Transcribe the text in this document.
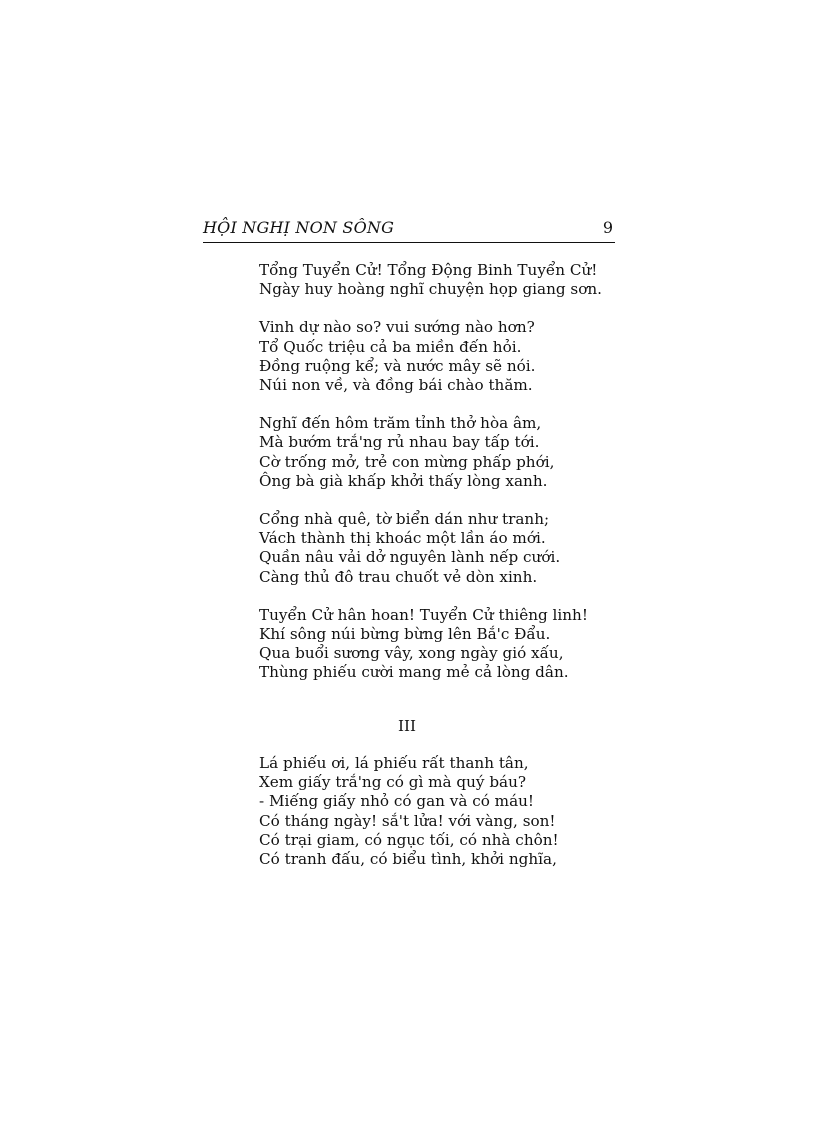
HỘI NGHỊ NON SÔNG	9
Tổng Tuyển Cử! Tổng Động Binh Tuyển Cử!
Ngày huy hoàng nghĩ chuyện họp giang sơn.
Vinh dự nào so? vui sướng nào hơn?
Tổ Quốc triệu cả ba miền đến hỏi.
Đồng ruộng kể; và nước mây sẽ nói.
Núi non về, và đồng bái chào thăm.
Nghĩ đến hôm trăm tỉnh thở hòa âm,
Mà bướm trắ'ng rủ nhau bay tấp tới.
Cờ trống mở, trẻ con mừng phấp phới,
Ông bà già khấp khởi thấy lòng xanh.
Cổng nhà quê, tờ biển dán như tranh;
Vách thành thị khoác một lần áo mới.
Quần nâu vải dở nguyên lành nếp cưới.
Càng thủ đô trau chuốt vẻ dòn xinh.
Tuyển Cử hân hoan! Tuyển Cử thiêng linh!
Khí sông núi bừng bừng lên Bắ'c Đẩu.
Qua buổi sương vây, xong ngày gió xấu,
Thùng phiếu cười mang mẻ cả lòng dân.
III
Lá phiếu ơi, lá phiếu rất thanh tân,
Xem giấy trắ'ng có gì mà quý báu?
- Miếng giấy nhỏ có gan và có máu!
Có tháng ngày! sắ't lửa! với vàng, son!
Có trại giam, có ngục tối, có nhà chôn!
Có tranh đấu, có biểu tình, khởi nghĩa,
